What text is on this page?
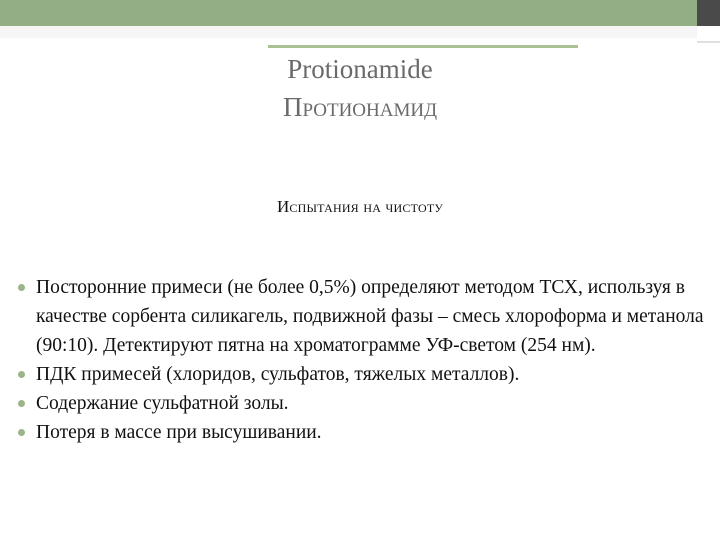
Protionamide
Протионамид
Испытания на чистоту
Посторонние примеси (не более 0,5%) определяют методом ТСХ, используя в качестве сорбента силикагель, подвижной фазы – смесь хлороформа и метанола (90:10). Детектируют пятна на хроматограмме УФ-светом (254 нм).
ПДК примесей (хлоридов, сульфатов, тяжелых металлов).
Содержание сульфатной золы.
Потеря в массе при высушивании.
